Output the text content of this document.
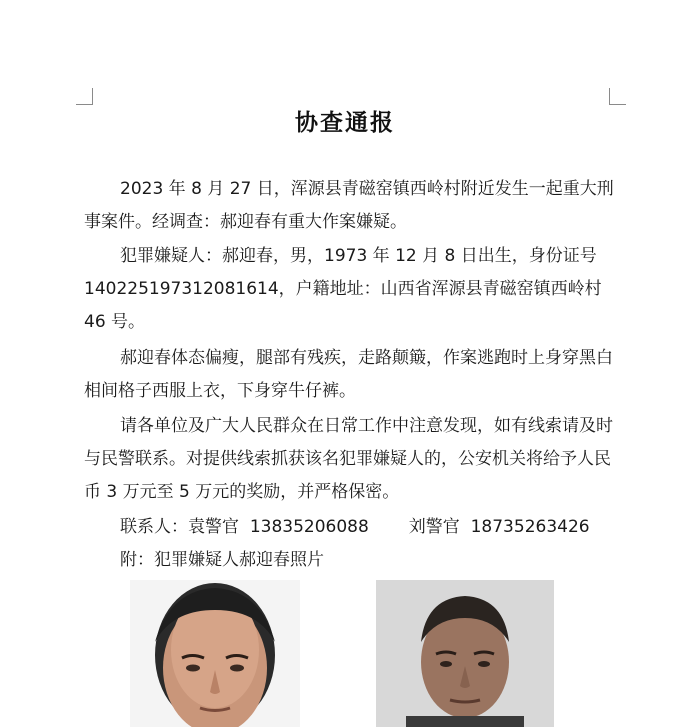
协查通报
2023 年 8 月 27 日，浑源县青磁窑镇西岭村附近发生一起重大刑事案件。经调查：郝迎春有重大作案嫌疑。
犯罪嫌疑人：郝迎春，男，1973 年 12 月 8 日出生，身份证号 140225197312081614，户籍地址：山西省浑源县青磁窑镇西岭村 46 号。
郝迎春体态偏瘦，腿部有残疾，走路颠簸，作案逃跑时上身穿黑白相间格子西服上衣，下身穿牛仔裤。
请各单位及广大人民群众在日常工作中注意发现，如有线索请及时与民警联系。对提供线索抓获该名犯罪嫌疑人的，公安机关将给予人民币 3 万元至 5 万元的奖励，并严格保密。
联系人：袁警官 13835206088 刘警官 18735263426
附：犯罪嫌疑人郝迎春照片
